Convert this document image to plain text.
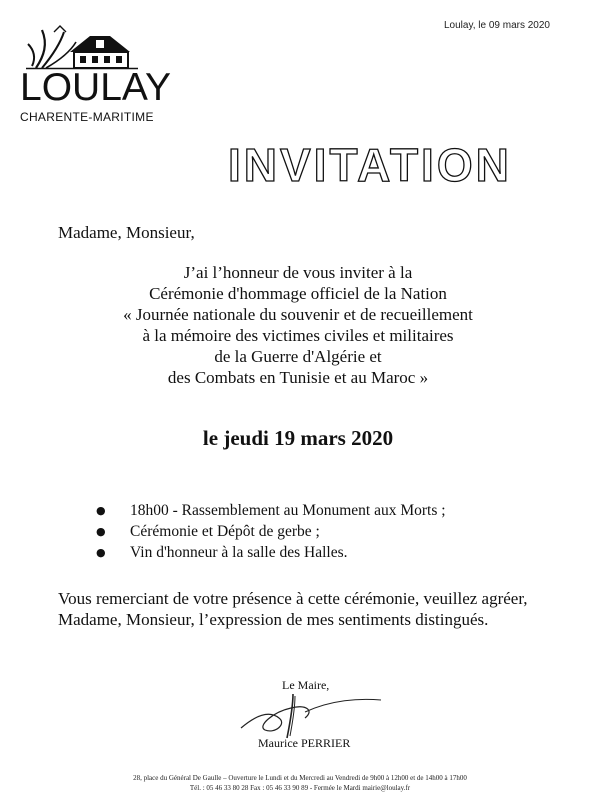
Loulay, le 09 mars 2020
LOULAY
CHARENTE-MARITIME
INVITATION
Madame, Monsieur,
J’ai l’honneur de vous inviter à la
Cérémonie d'hommage officiel de la Nation
« Journée nationale du souvenir et de recueillement
à la mémoire des victimes civiles et militaires
de la Guerre d'Algérie et
des Combats en Tunisie et au Maroc »
le jeudi 19 mars 2020
● 18h00 - Rassemblement au Monument aux Morts ;
● Cérémonie et Dépôt de gerbe ;
● Vin d'honneur à la salle des Halles.
Vous remerciant de votre présence à cette cérémonie, veuillez agréer, Madame, Monsieur, l’expression de mes sentiments distingués.
Le Maire,
Maurice PERRIER
28, place du Général De Gaulle – Ouverture le Lundi et du Mercredi au Vendredi de 9h00 à 12h00 et de 14h00 à 17h00
Tél. : 05 46 33 80 28 Fax : 05 46 33 90 89 - Fermée le Mardi mairie@loulay.fr
